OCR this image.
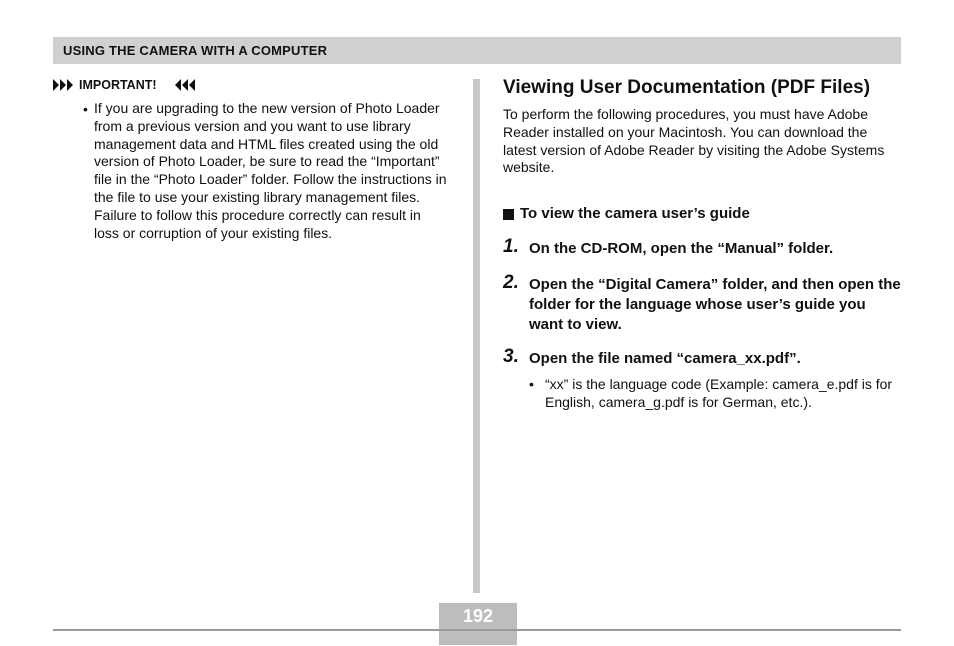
USING THE CAMERA WITH A COMPUTER
IMPORTANT!
• If you are upgrading to the new version of Photo Loader from a previous version and you want to use library management data and HTML files created using the old version of Photo Loader, be sure to read the “Important” file in the “Photo Loader” folder. Follow the instructions in the file to use your existing library management files. Failure to follow this procedure correctly can result in loss or corruption of your existing files.
Viewing User Documentation (PDF Files)
To perform the following procedures, you must have Adobe Reader installed on your Macintosh. You can download the latest version of Adobe Reader by visiting the Adobe Systems website.
To view the camera user’s guide
1. On the CD-ROM, open the “Manual” folder.
2. Open the “Digital Camera” folder, and then open the folder for the language whose user’s guide you want to view.
3. Open the file named “camera_xx.pdf”.
• “xx” is the language code (Example: camera_e.pdf is for English, camera_g.pdf is for German, etc.).
192
